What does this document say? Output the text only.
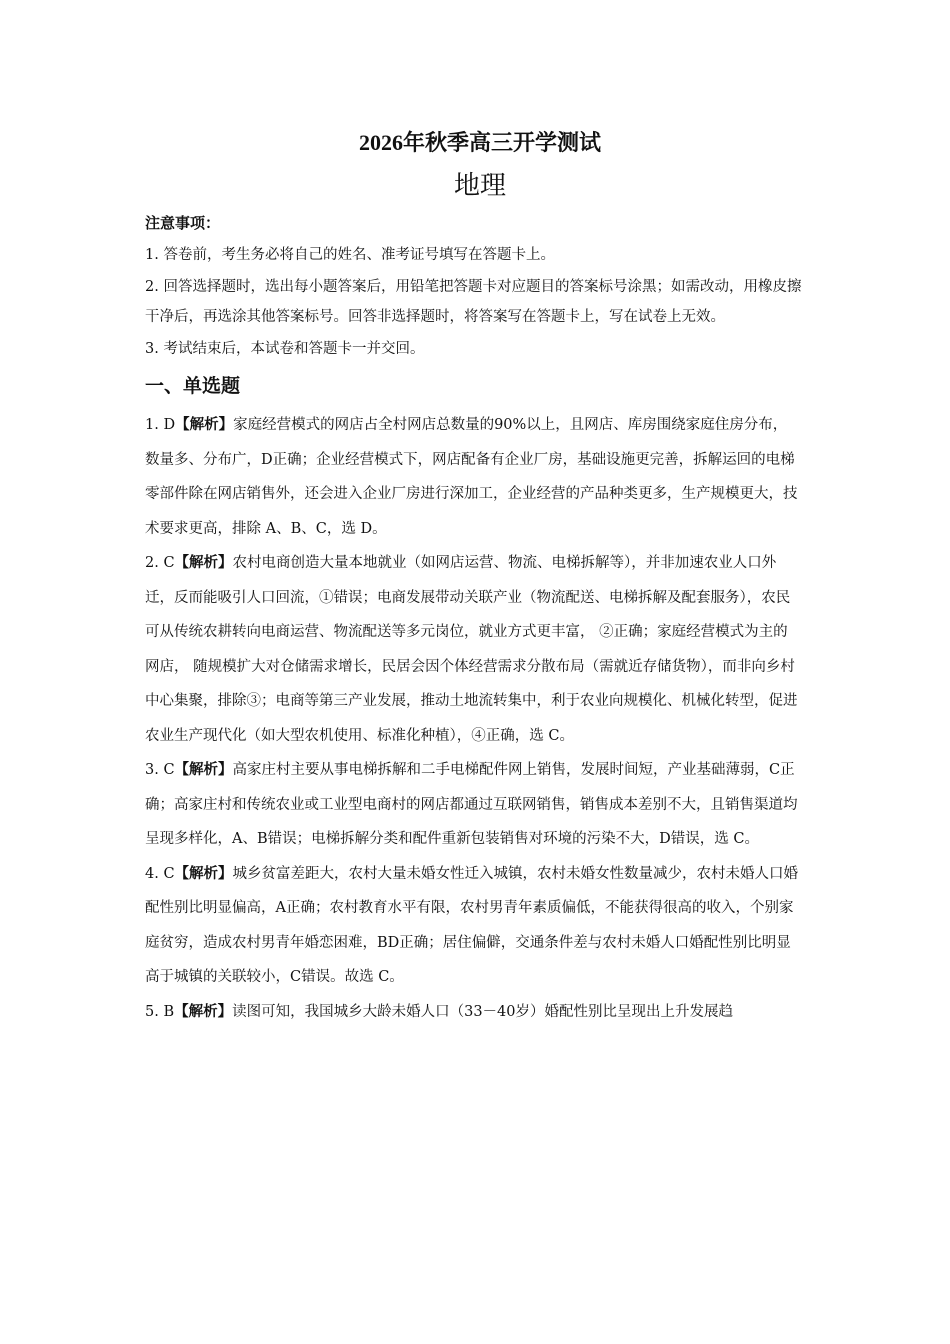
2026年秋季高三开学测试
地理
注意事项：

1. 答卷前，考生务必将自己的姓名、准考证号填写在答题卡上。

2. 回答选择题时，选出每小题答案后，用铅笔把答题卡对应题目的答案标号涂黑；如需改动，用橡皮擦干净后，再选涂其他答案标号。回答非选择题时，将答案写在答题卡上，写在试卷上无效。

3. 考试结束后，本试卷和答题卡一并交回。

一、单选题

1. D【解析】家庭经营模式的网店占全村网店总数量的90%以上，且网店、库房围绕家庭住房分布，数量多、分布广，D正确；企业经营模式下，网店配备有企业厂房，基础设施更完善，拆解运回的电梯零部件除在网店销售外，还会进入企业厂房进行深加工，企业经营的产品种类更多，生产规模更大，技术要求更高，排除 A、B、C，选 D。

2. C【解析】农村电商创造大量本地就业（如网店运营、物流、电梯拆解等），并非加速农业人口外迁，反而能吸引人口回流，①错误；电商发展带动关联产业（物流配送、电梯拆解及配套服务），农民可从传统农耕转向电商运营、物流配送等多元岗位，就业方式更丰富， ②正确；家庭经营模式为主的网店， 随规模扩大对仓储需求增长，民居会因个体经营需求分散布局（需就近存储货物），而非向乡村中心集聚，排除③；电商等第三产业发展，推动土地流转集中，利于农业向规模化、机械化转型，促进农业生产现代化（如大型农机使用、标准化种植），④正确，选 C。

3. C【解析】高家庄村主要从事电梯拆解和二手电梯配件网上销售，发展时间短，产业基础薄弱，C正确；高家庄村和传统农业或工业型电商村的网店都通过互联网销售，销售成本差别不大，且销售渠道均呈现多样化，A、B错误；电梯拆解分类和配件重新包装销售对环境的污染不大，D错误，选 C。

4. C【解析】城乡贫富差距大，农村大量未婚女性迁入城镇，农村未婚女性数量减少，农村未婚人口婚配性别比明显偏高，A正确；农村教育水平有限，农村男青年素质偏低，不能获得很高的收入，个别家庭贫穷，造成农村男青年婚恋困难，BD正确；居住偏僻，交通条件差与农村未婚人口婚配性别比明显高于城镇的关联较小，C错误。故选 C。

5. B【解析】读图可知，我国城乡大龄未婚人口（33－40岁）婚配性别比呈现出上升发展趋
